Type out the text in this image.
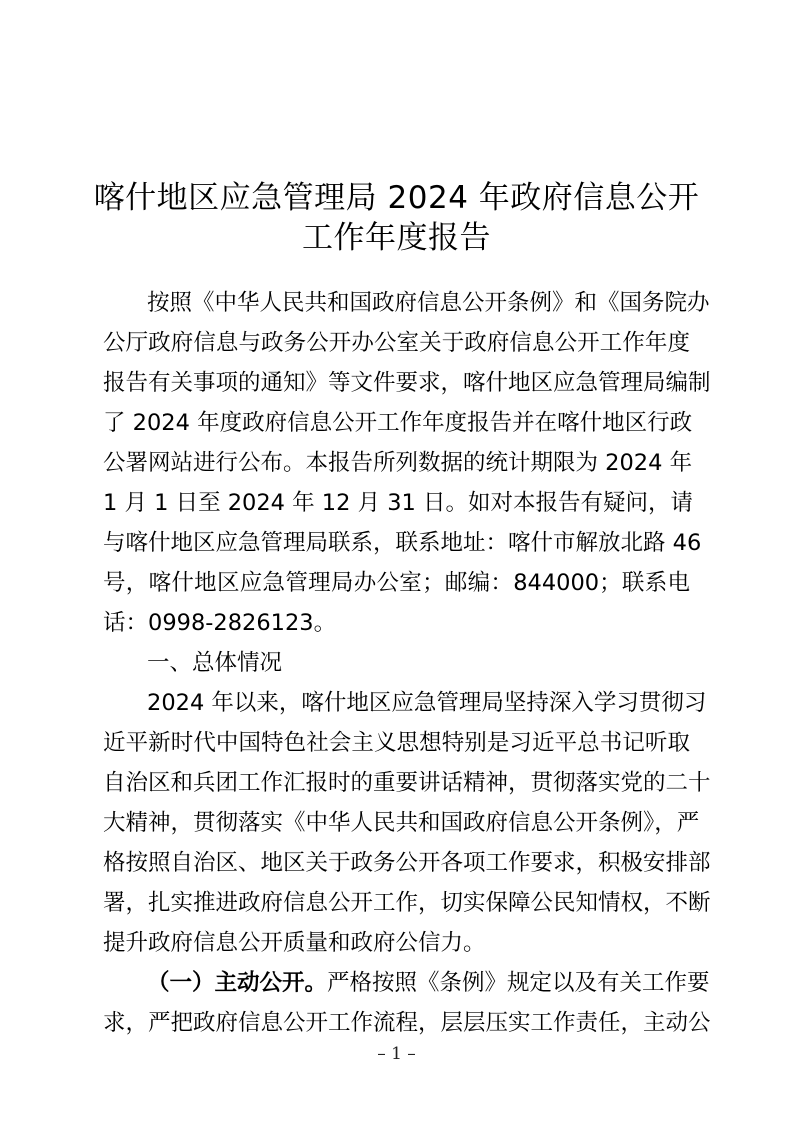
喀什地区应急管理局 2024 年政府信息公开
工作年度报告
按照《中华人民共和国政府信息公开条例》和《国务院办
公厅政府信息与政务公开办公室关于政府信息公开工作年度
报告有关事项的通知》等文件要求，喀什地区应急管理局编制
了 2024 年度政府信息公开工作年度报告并在喀什地区行政
公署网站进行公布。本报告所列数据的统计期限为 2024 年
1 月 1 日至 2024 年 12 月 31 日。如对本报告有疑问，请
与喀什地区应急管理局联系，联系地址：喀什市解放北路 46
号，喀什地区应急管理局办公室；邮编：844000；联系电
话：0998-2826123。
一、总体情况
2024 年以来，喀什地区应急管理局坚持深入学习贯彻习
近平新时代中国特色社会主义思想特别是习近平总书记听取
自治区和兵团工作汇报时的重要讲话精神，贯彻落实党的二十
大精神，贯彻落实《中华人民共和国政府信息公开条例》，严
格按照自治区、地区关于政务公开各项工作要求，积极安排部
署，扎实推进政府信息公开工作，切实保障公民知情权，不断
提升政府信息公开质量和政府公信力。
（一）主动公开。严格按照《条例》规定以及有关工作要
求，严把政府信息公开工作流程，层层压实工作责任，主动公
– 1 –
